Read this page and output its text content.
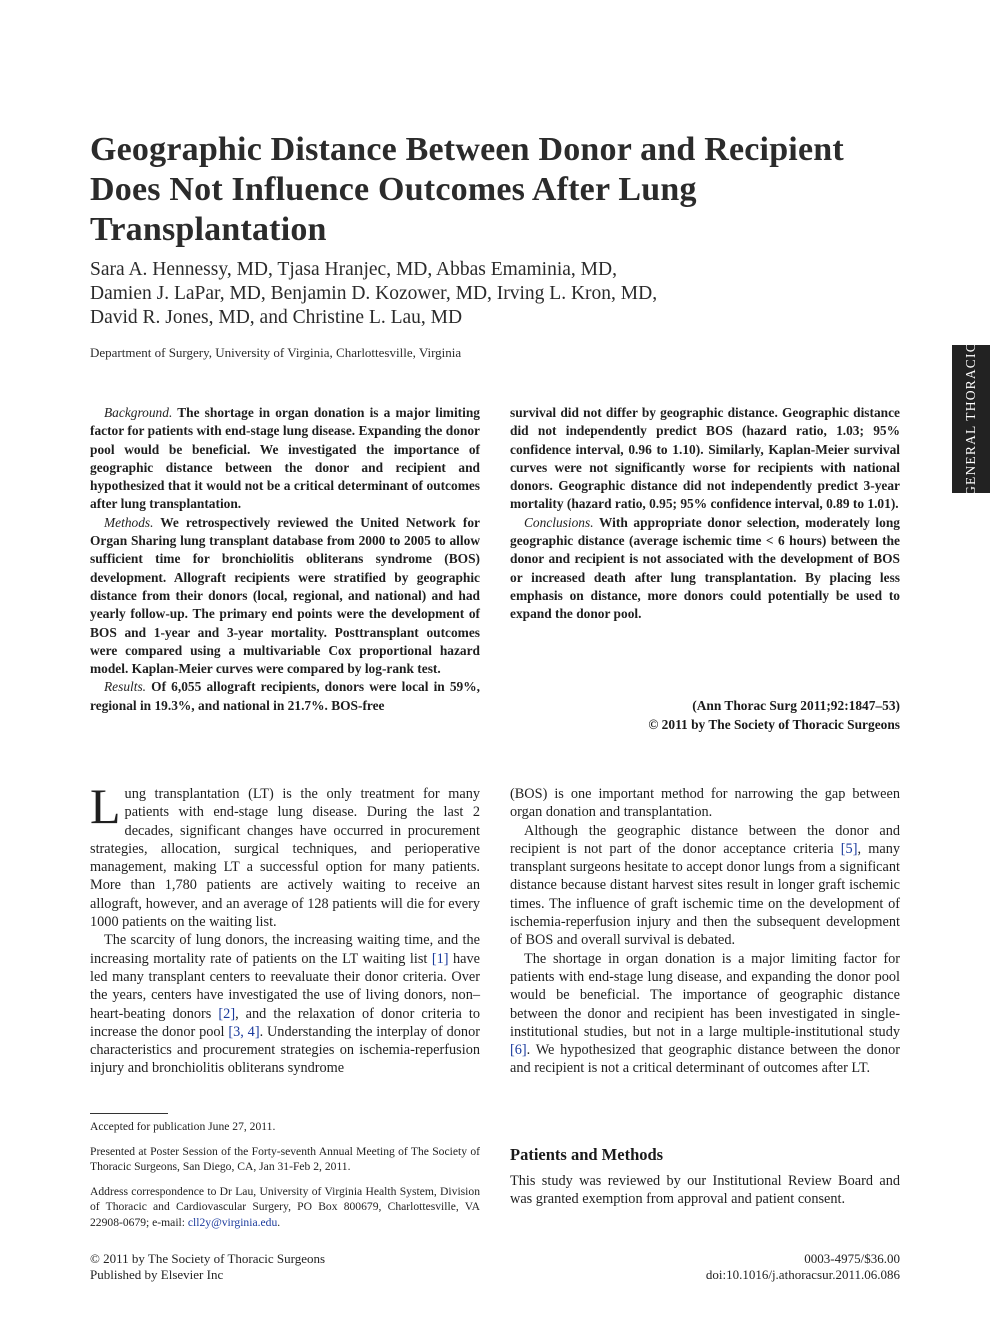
Geographic Distance Between Donor and Recipient Does Not Influence Outcomes After Lung Transplantation
Sara A. Hennessy, MD, Tjasa Hranjec, MD, Abbas Emaminia, MD,
Damien J. LaPar, MD, Benjamin D. Kozower, MD, Irving L. Kron, MD,
David R. Jones, MD, and Christine L. Lau, MD
Department of Surgery, University of Virginia, Charlottesville, Virginia	GENERAL THORACIC

Background. The shortage in organ donation is a major limiting factor for patients with end-stage lung disease. Expanding the donor pool would be beneficial. We investigated the importance of geographic distance between the donor and recipient and hypothesized that it would not be a critical determinant of outcomes after lung transplantation.

Methods. We retrospectively reviewed the United Network for Organ Sharing lung transplant database from 2000 to 2005 to allow sufficient time for bronchiolitis obliterans syndrome (BOS) development. Allograft recipients were stratified by geographic distance from their donors (local, regional, and national) and had yearly follow-up. The primary end points were the development of BOS and 1-year and 3-year mortality. Posttransplant outcomes were compared using a multivariable Cox proportional hazard model. Kaplan-Meier curves were compared by log-rank test.

Results. Of 6,055 allograft recipients, donors were local in 59%, regional in 19.3%, and national in 21.7%. BOS-free

survival did not differ by geographic distance. Geographic distance did not independently predict BOS (hazard ratio, 1.03; 95% confidence interval, 0.96 to 1.10). Similarly, Kaplan-Meier survival curves were not significantly worse for recipients with national donors. Geographic distance did not independently predict 3-year mortality (hazard ratio, 0.95; 95% confidence interval, 0.89 to 1.01).

Conclusions. With appropriate donor selection, moderately long geographic distance (average ischemic time < 6 hours) between the donor and recipient is not associated with the development of BOS or increased death after lung transplantation. By placing less emphasis on distance, more donors could potentially be used to expand the donor pool.

(Ann Thorac Surg 2011;92:1847–53)
© 2011 by The Society of Thoracic Surgeons

Lung transplantation (LT) is the only treatment for many patients with end-stage lung disease. During the last 2 decades, significant changes have occurred in procurement strategies, allocation, surgical techniques, and perioperative management, making LT a successful option for many patients. More than 1,780 patients are actively waiting to receive an allograft, however, and an average of 128 patients will die for every 1000 patients on the waiting list.

The scarcity of lung donors, the increasing waiting time, and the increasing mortality rate of patients on the LT waiting list [1] have led many transplant centers to reevaluate their donor criteria. Over the years, centers have investigated the use of living donors, non–heart-beating donors [2], and the relaxation of donor criteria to increase the donor pool [3, 4]. Understanding the interplay of donor characteristics and procurement strategies on ischemia-reperfusion injury and bronchiolitis obliterans syndrome

(BOS) is one important method for narrowing the gap between organ donation and transplantation.

Although the geographic distance between the donor and recipient is not part of the donor acceptance criteria [5], many transplant surgeons hesitate to accept donor lungs from a significant distance because distant harvest sites result in longer graft ischemic times. The influence of graft ischemic time on the development of ischemia-reperfusion injury and then the subsequent development of BOS and overall survival is debated.

The shortage in organ donation is a major limiting factor for patients with end-stage lung disease, and expanding the donor pool would be beneficial. The importance of geographic distance between the donor and recipient has been investigated in single-institutional studies, but not in a large multiple-institutional study [6]. We hypothesized that geographic distance between the donor and recipient is not a critical determinant of outcomes after LT.

Patients and Methods

This study was reviewed by our Institutional Review Board and was granted exemption from approval and patient consent.

Accepted for publication June 27, 2011.

Presented at Poster Session of the Forty-seventh Annual Meeting of The Society of Thoracic Surgeons, San Diego, CA, Jan 31-Feb 2, 2011.

Address correspondence to Dr Lau, University of Virginia Health System, Division of Thoracic and Cardiovascular Surgery, PO Box 800679, Charlottesville, VA 22908-0679; e-mail: cll2y@virginia.edu.

© 2011 by The Society of Thoracic Surgeons
Published by Elsevier Inc
0003-4975/$36.00
doi:10.1016/j.athoracsur.2011.06.086
